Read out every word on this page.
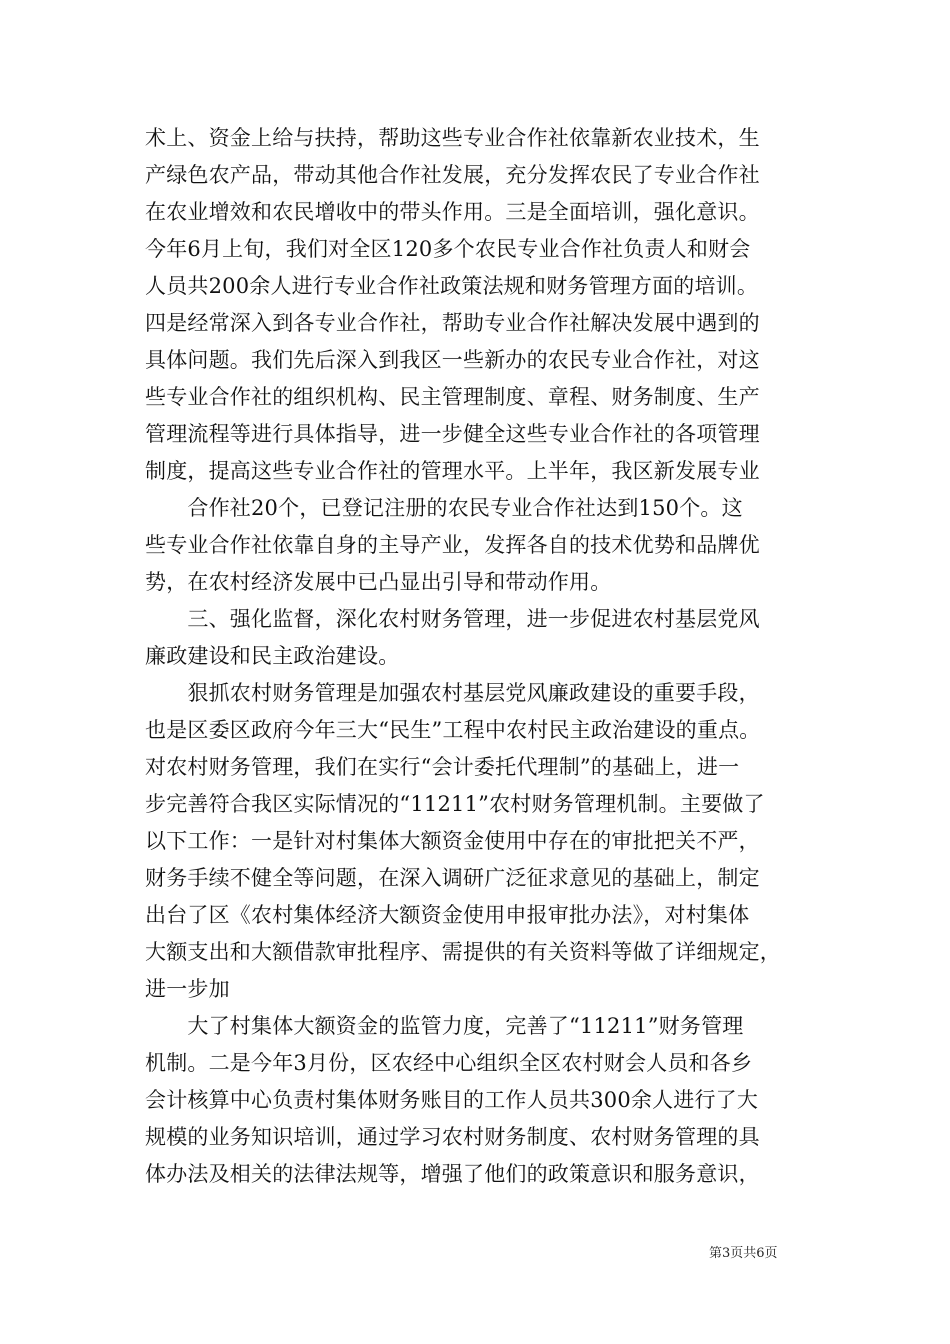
术上、资金上给与扶持，帮助这些专业合作社依靠新农业技术，生
产绿色农产品，带动其他合作社发展，充分发挥农民了专业合作社
在农业增效和农民增收中的带头作用。三是全面培训，强化意识。
今年6月上旬，我们对全区120多个农民专业合作社负责人和财会
人员共200余人进行专业合作社政策法规和财务管理方面的培训。
四是经常深入到各专业合作社，帮助专业合作社解决发展中遇到的
具体问题。我们先后深入到我区一些新办的农民专业合作社，对这
些专业合作社的组织机构、民主管理制度、章程、财务制度、生产
管理流程等进行具体指导，进一步健全这些专业合作社的各项管理
制度，提高这些专业合作社的管理水平。上半年，我区新发展专业
　　合作社20个，已登记注册的农民专业合作社达到150个。这
些专业合作社依靠自身的主导产业，发挥各自的技术优势和品牌优
势，在农村经济发展中已凸显出引导和带动作用。
　　三、强化监督，深化农村财务管理，进一步促进农村基层党风
廉政建设和民主政治建设。
　　狠抓农村财务管理是加强农村基层党风廉政建设的重要手段，
也是区委区政府今年三大“民生”工程中农村民主政治建设的重点。
对农村财务管理，我们在实行“会计委托代理制”的基础上，进一
步完善符合我区实际情况的“11211”农村财务管理机制。主要做了
以下工作：一是针对村集体大额资金使用中存在的审批把关不严，
财务手续不健全等问题，在深入调研广泛征求意见的基础上，制定
出台了区《农村集体经济大额资金使用申报审批办法》，对村集体
大额支出和大额借款审批程序、需提供的有关资料等做了详细规定，
进一步加
　　大了村集体大额资金的监管力度，完善了“11211”财务管理
机制。二是今年3月份，区农经中心组织全区农村财会人员和各乡
会计核算中心负责村集体财务账目的工作人员共300余人进行了大
规模的业务知识培训，通过学习农村财务制度、农村财务管理的具
体办法及相关的法律法规等，增强了他们的政策意识和服务意识，
第3页共6页
